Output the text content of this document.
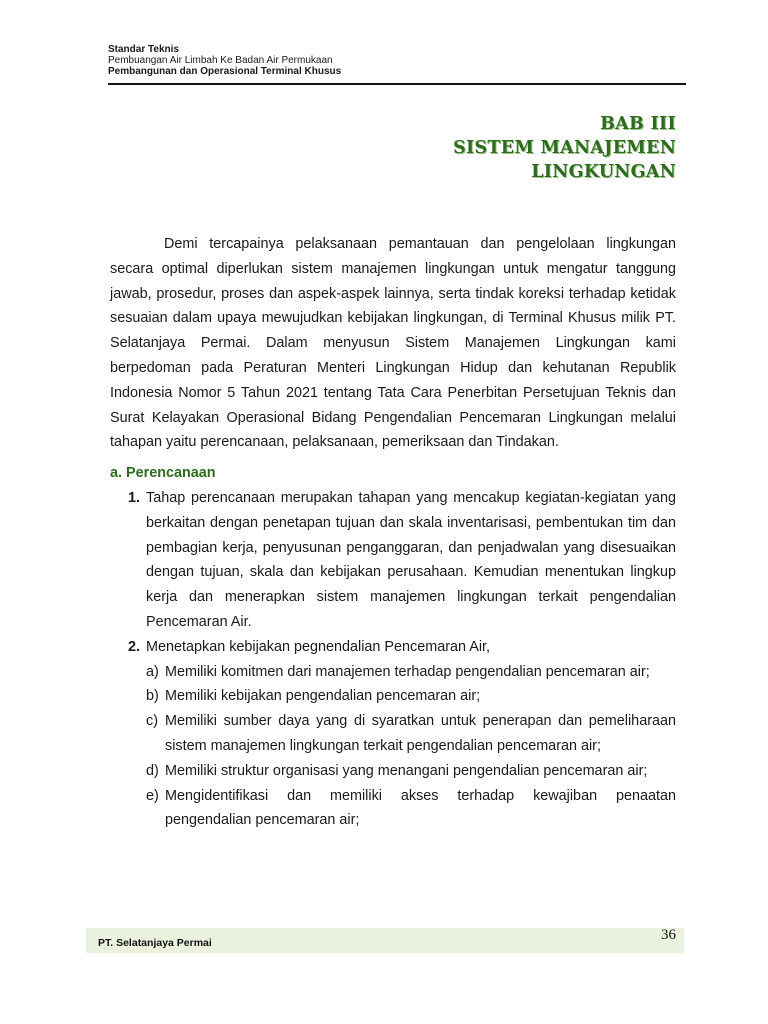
Standar Teknis
Pembuangan Air Limbah Ke Badan Air Permukaan
Pembangunan dan Operasional Terminal Khusus
BAB III
SISTEM MANAJEMEN
LINGKUNGAN

Demi tercapainya pelaksanaan pemantauan dan pengelolaan lingkungan secara optimal diperlukan sistem manajemen lingkungan untuk mengatur tanggung jawab, prosedur, proses dan aspek-aspek lainnya, serta tindak koreksi terhadap ketidak sesuaian dalam upaya mewujudkan kebijakan lingkungan, di Terminal Khusus milik PT. Selatanjaya Permai. Dalam menyusun Sistem Manajemen Lingkungan kami berpedoman pada Peraturan Menteri Lingkungan Hidup dan kehutanan Republik Indonesia Nomor 5 Tahun 2021 tentang Tata Cara Penerbitan Persetujuan Teknis dan Surat Kelayakan Operasional Bidang Pengendalian Pencemaran Lingkungan melalui tahapan yaitu perencanaan, pelaksanaan, pemeriksaan dan Tindakan.

a. Perencanaan
1. Tahap perencanaan merupakan tahapan yang mencakup kegiatan-kegiatan yang berkaitan dengan penetapan tujuan dan skala inventarisasi, pembentukan tim dan pembagian kerja, penyusunan penganggaran, dan penjadwalan yang disesuaikan dengan tujuan, skala dan kebijakan perusahaan. Kemudian menentukan lingkup kerja dan menerapkan sistem manajemen lingkungan terkait pengendalian Pencemaran Air.
2. Menetapkan kebijakan pegnendalian Pencemaran Air,
a) Memiliki komitmen dari manajemen terhadap pengendalian pencemaran air;
b) Memiliki kebijakan pengendalian pencemaran air;
c) Memiliki sumber daya yang di syaratkan untuk penerapan dan pemeliharaan sistem manajemen lingkungan terkait pengendalian pencemaran air;
d) Memiliki struktur organisasi yang menangani pengendalian pencemaran air;
e) Mengidentifikasi dan memiliki akses terhadap kewajiban penaatan pengendalian pencemaran air;
PT. Selatanjaya Permai	36
